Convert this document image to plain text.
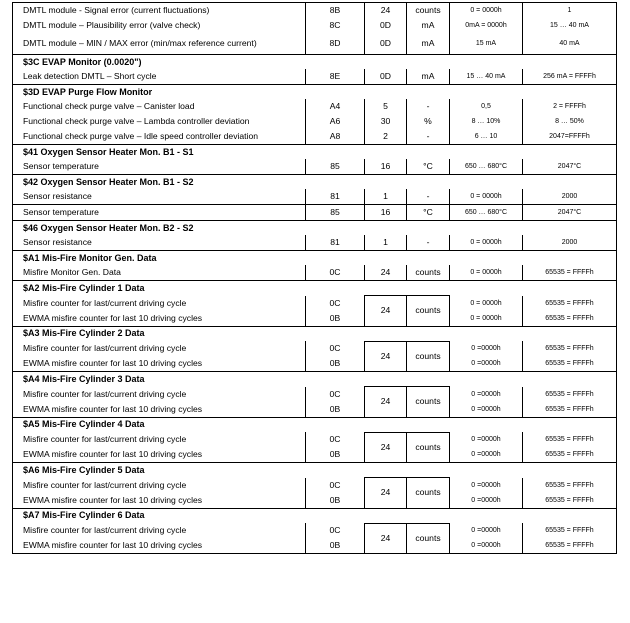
DMTL module - Signal error (current fluctuations)	8B	24	counts	0 = 0000h	1
DMTL module – Plausibility error (valve check)	8C	0D	mA	0mA = 0000h	15 … 40 mA
DMTL module – MIN / MAX error (min/max reference current)	8D	0D	mA	15 mA	40 mA
$3C EVAP Monitor (0.0020")					
Leak detection DMTL – Short cycle	8E	0D	mA	15 … 40 mA	256 mA = FFFFh
$3D EVAP Purge Flow Monitor					
Functional check purge valve – Canister load	A4	5	-	0,5	2 = FFFFh
Functional check purge valve – Lambda controller deviation	A6	30	%	8 … 10%	8 … 50%
Functional check purge valve – Idle speed controller deviation	A8	2	-	6 … 10	2047=FFFFh
$41 Oxygen Sensor Heater Mon. B1 - S1					
Sensor temperature	85	16	°C	650 … 680°C	2047°C
$42 Oxygen Sensor Heater Mon. B1 - S2					
Sensor resistance	81	1	-	0 = 0000h	2000
Sensor temperature	85	16	°C	650 … 680°C	2047°C
$46 Oxygen Sensor Heater Mon. B2 - S2					
Sensor resistance	81	1	-	0 = 0000h	2000
$A1 Mis-Fire Monitor Gen. Data					
Misfire Monitor Gen. Data	0C	24	counts	0 = 0000h	65535 = FFFFh
$A2 Mis-Fire Cylinder 1 Data					
Misfire counter for last/current driving cycle	0C	24	counts	0 = 0000h	65535 = FFFFh
EWMA misfire counter for last 10 driving cycles	0B			0 = 0000h	65535 = FFFFh
$A3 Mis-Fire Cylinder 2 Data					
Misfire counter for last/current driving cycle	0C	24	counts	0 =0000h	65535 = FFFFh
EWMA misfire counter for last 10 driving cycles	0B			0 =0000h	65535 = FFFFh
$A4 Mis-Fire Cylinder 3 Data					
Misfire counter for last/current driving cycle	0C	24	counts	0 =0000h	65535 = FFFFh
EWMA misfire counter for last 10 driving cycles	0B			0 =0000h	65535 = FFFFh
$A5 Mis-Fire Cylinder 4 Data					
Misfire counter for last/current driving cycle	0C	24	counts	0 =0000h	65535 = FFFFh
EWMA misfire counter for last 10 driving cycles	0B			0 =0000h	65535 = FFFFh
$A6 Mis-Fire Cylinder 5 Data					
Misfire counter for last/current driving cycle	0C	24	counts	0 =0000h	65535 = FFFFh
EWMA misfire counter for last 10 driving cycles	0B			0 =0000h	65535 = FFFFh
$A7 Mis-Fire Cylinder 6 Data					
Misfire counter for last/current driving cycle	0C	24	counts	0 =0000h	65535 = FFFFh
EWMA misfire counter for last 10 driving cycles	0B			0 =0000h	65535 = FFFFh
